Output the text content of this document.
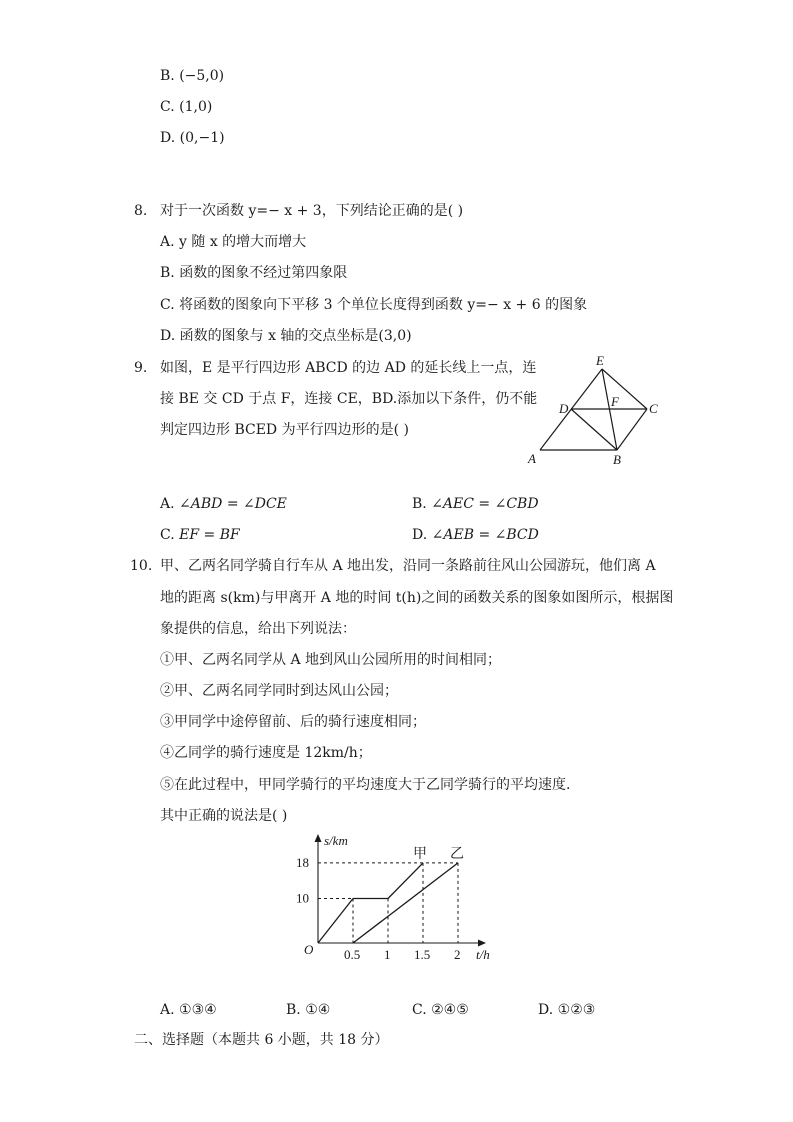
B. (−5,0)
C. (1,0)
D. (0,−1)
8. 对于一次函数 y=− x + 3，下列结论正确的是( )
A. y 随 x 的增大而增大
B. 函数的图象不经过第四象限
C. 将函数的图象向下平移 3 个单位长度得到函数 y=− x + 6 的图象
D. 函数的图象与 x 轴的交点坐标是(3,0)
9. 如图，E 是平行四边形 ABCD 的边 AD 的延长线上一点，连
接 BE 交 CD 于点 F，连接 CE，BD.添加以下条件，仍不能
判定四边形 BCED 为平行四边形的是( )
E
D	F C
A	B
A. ∠ABD = ∠DCE	B. ∠AEC = ∠CBD
C. EF = BF	D. ∠AEB = ∠BCD
10. 甲、乙两名同学骑自行车从 A 地出发，沿同一条路前往风山公园游玩，他们离 A
地的距离 s(km)与甲离开 A 地的时间 t(h)之间的函数关系的图象如图所示，根据图
象提供的信息，给出下列说法：
①甲、乙两名同学从 A 地到风山公园所用的时间相同；
②甲、乙两名同学同时到达风山公园；
③甲同学中途停留前、后的骑行速度相同；
④乙同学的骑行速度是 12km/h；
⑤在此过程中，甲同学骑行的平均速度大于乙同学骑行的平均速度.
其中正确的说法是( )
10
18
0.5 1 1.5 2
s/km
t/h
O
甲 乙
A. ①③④	B. ①④	C. ②④⑤	D. ①②③
二、选择题（本题共 6 小题，共 18 分）
